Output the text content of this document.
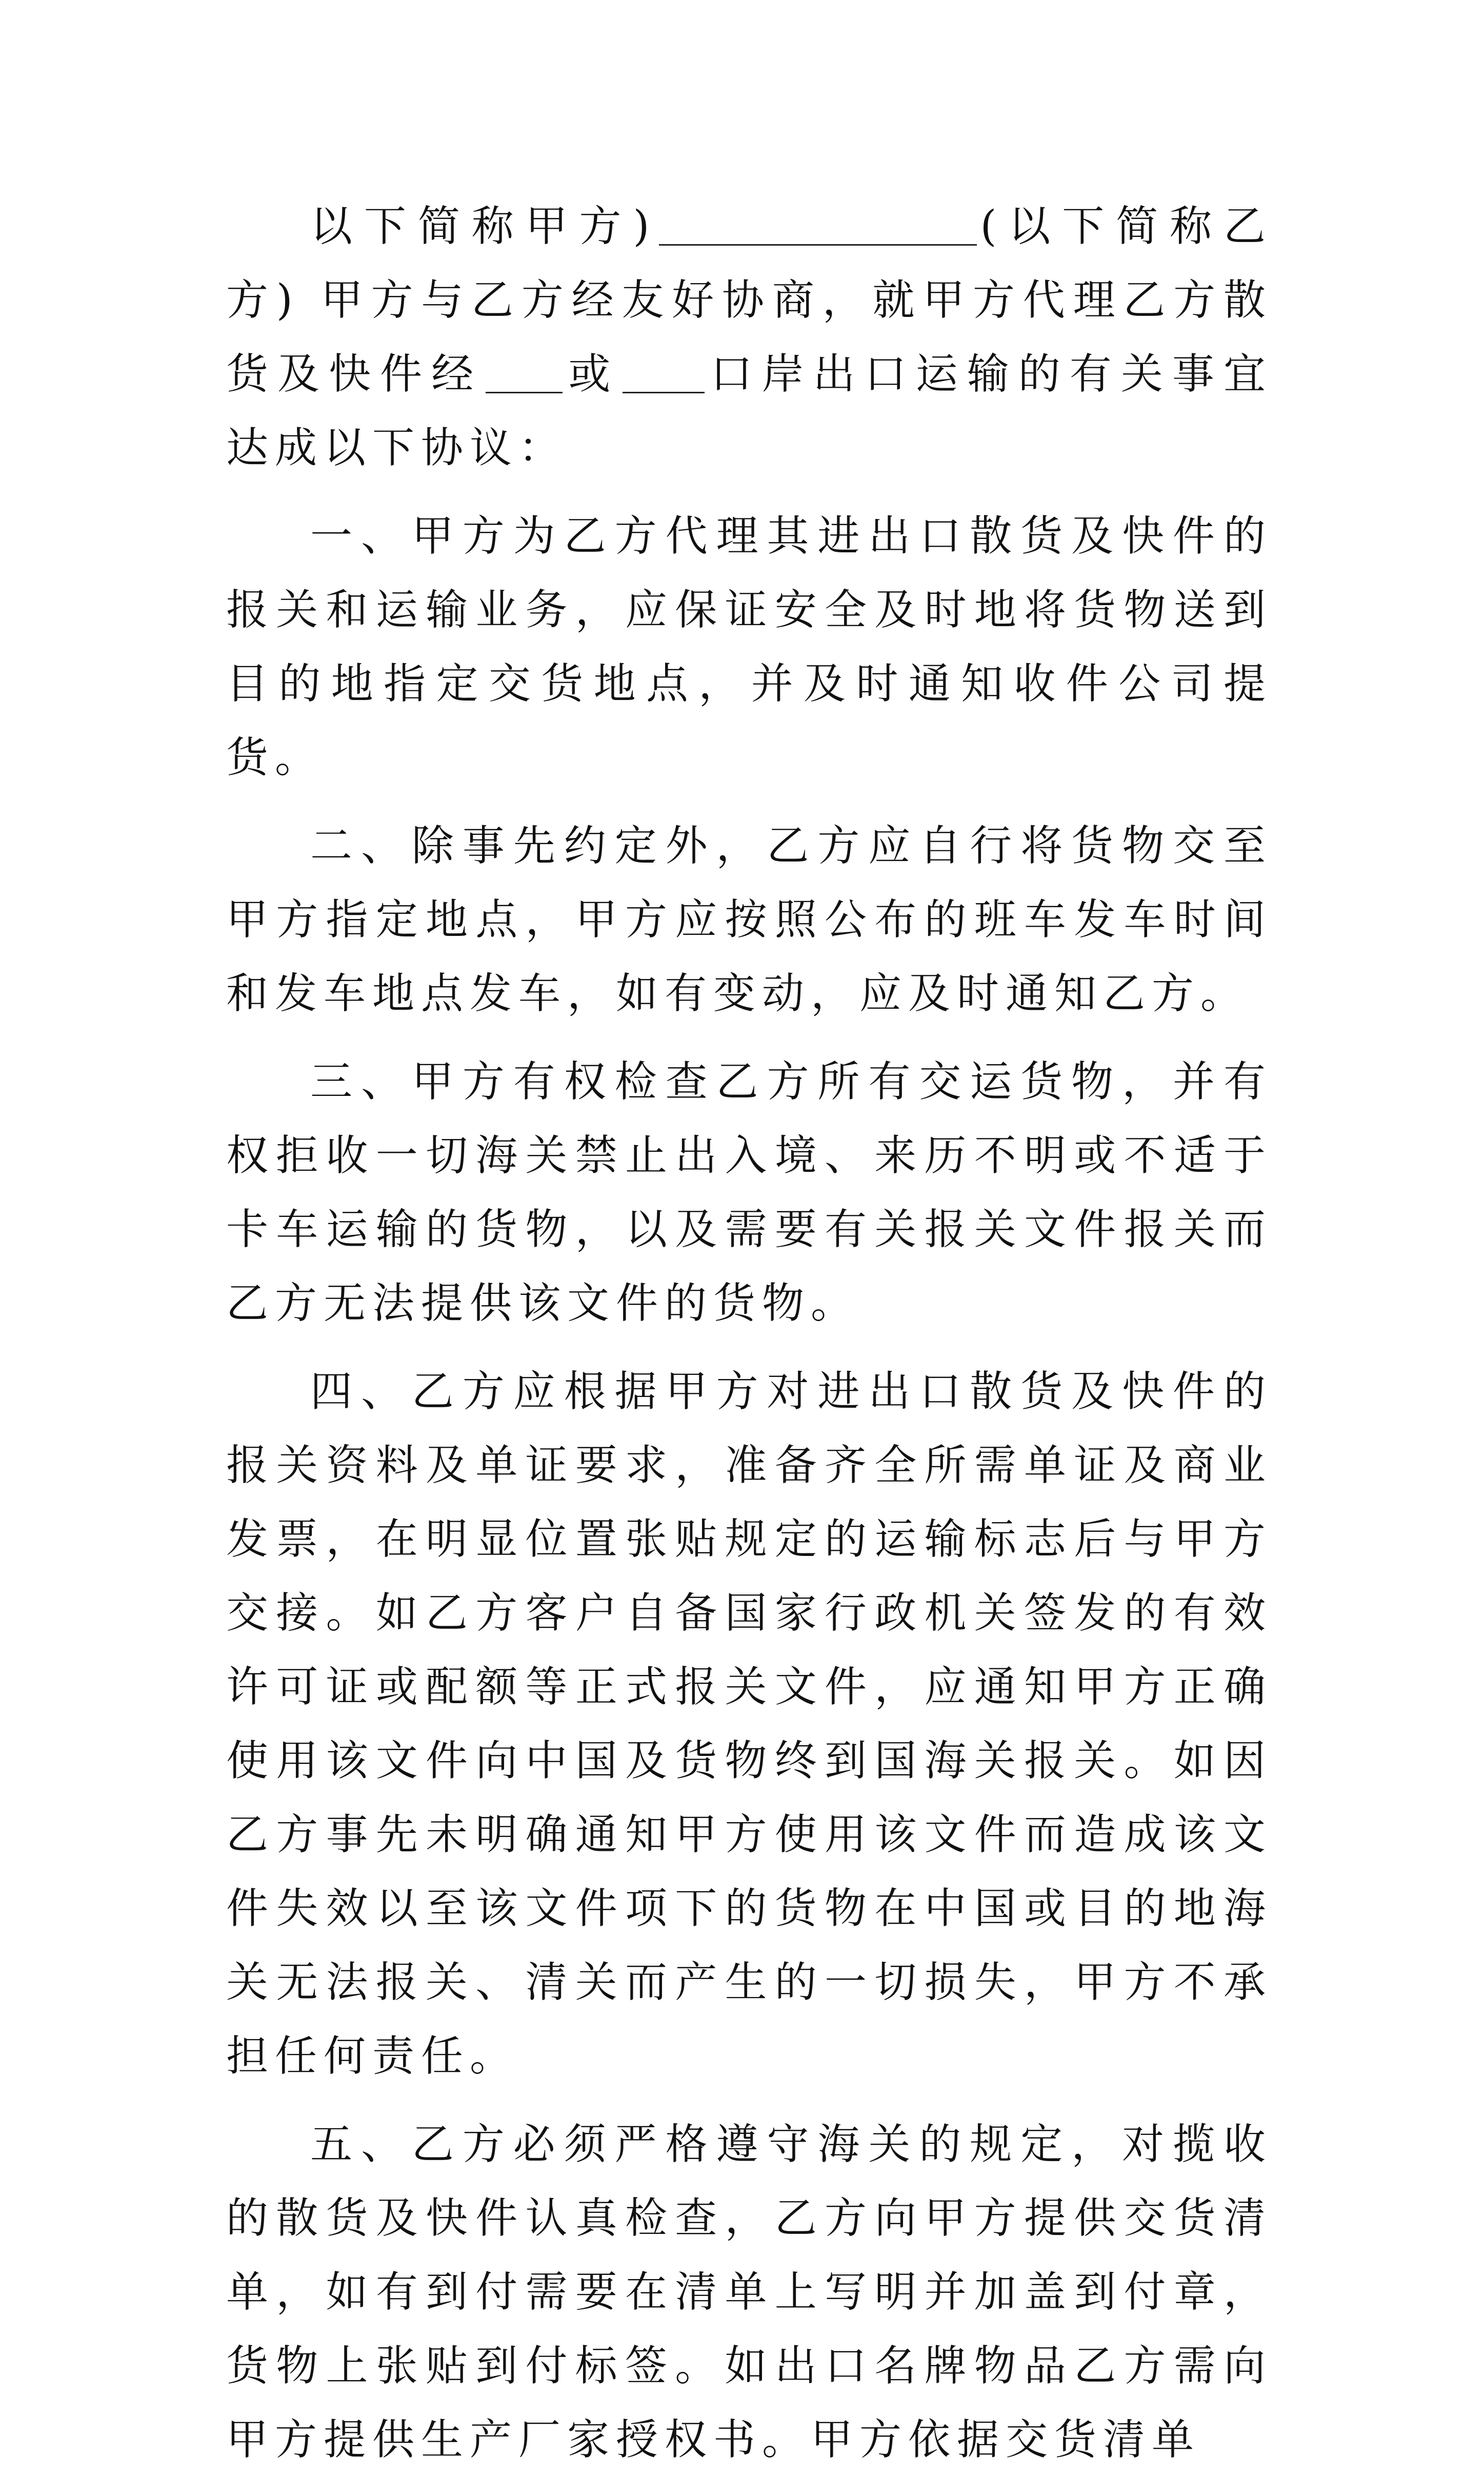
以下简称甲方)	(以下简称乙方) 甲方与乙方经友好协商，就甲方代理乙方散货及快件经 或 口岸出口运输的有关事宜达成以下协议：

一、甲方为乙方代理其进出口散货及快件的报关和运输业务，应保证安全及时地将货物送到目的地指定交货地点，并及时通知收件公司提货。

二、除事先约定外，乙方应自行将货物交至甲方指定地点，甲方应按照公布的班车发车时间和发车地点发车，如有变动，应及时通知乙方。

三、甲方有权检查乙方所有交运货物，并有权拒收一切海关禁止出入境、来历不明或不适于卡车运输的货物，以及需要有关报关文件报关而乙方无法提供该文件的货物。

四、乙方应根据甲方对进出口散货及快件的报关资料及单证要求，准备齐全所需单证及商业发票，在明显位置张贴规定的运输标志后与甲方交接。如乙方客户自备国家行政机关签发的有效许可证或配额等正式报关文件，应通知甲方正确使用该文件向中国及货物终到国海关报关。如因乙方事先未明确通知甲方使用该文件而造成该文件失效以至该文件项下的货物在中国或目的地海关无法报关、清关而产生的一切损失，甲方不承担任何责任。

五、乙方必须严格遵守海关的规定，对揽收的散货及快件认真检查，乙方向甲方提供交货清单，如有到付需要在清单上写明并加盖到付章，货物上张贴到付标签。如出口名牌物品乙方需向甲方提供生产厂家授权书。甲方依据交货清单
